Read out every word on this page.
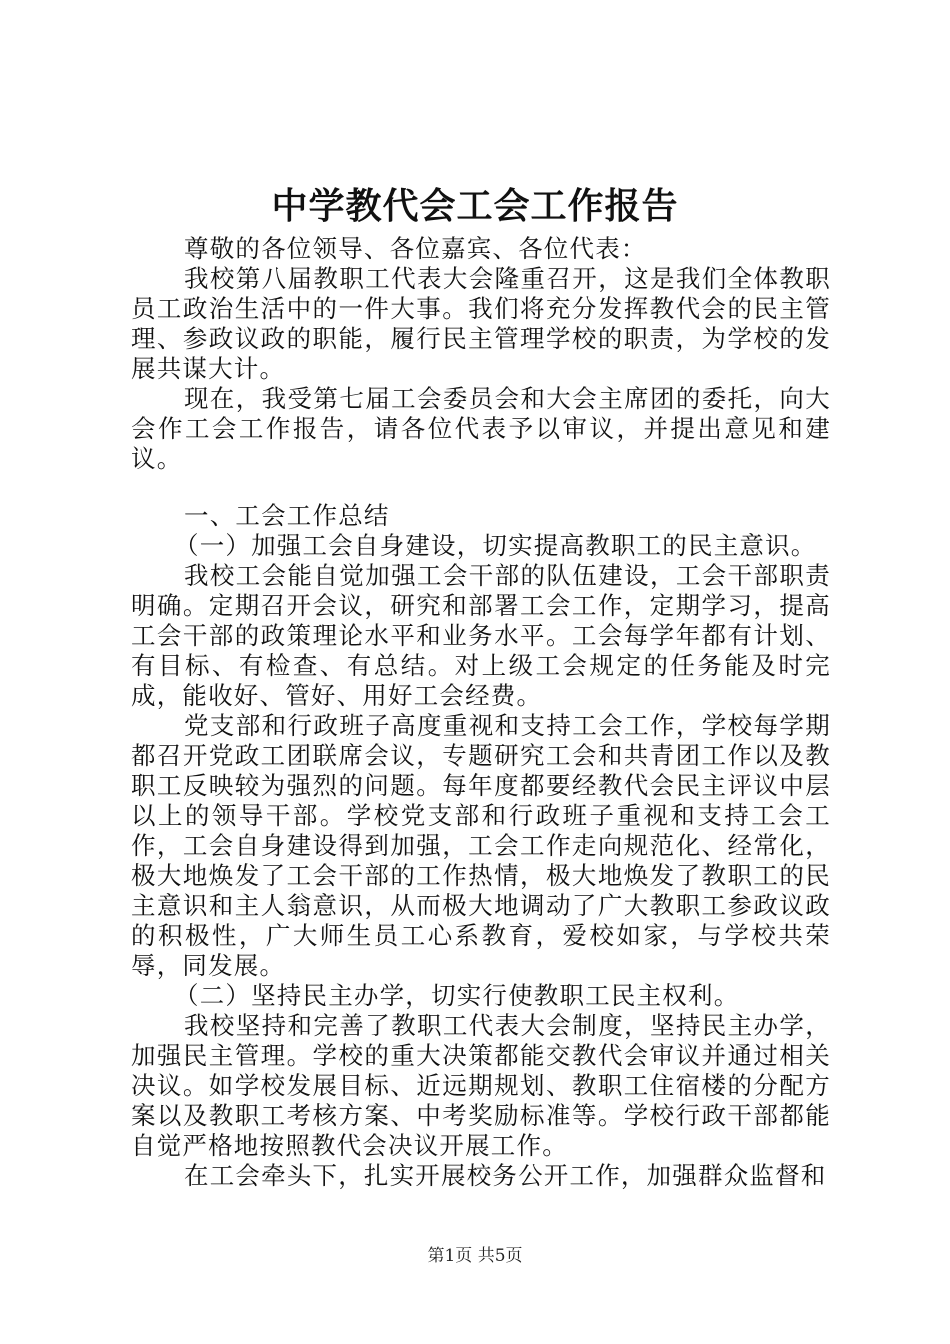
中学教代会工会工作报告

尊敬的各位领导、各位嘉宾、各位代表：

我校第八届教职工代表大会隆重召开，这是我们全体教职员工政治生活中的一件大事。我们将充分发挥教代会的民主管理、参政议政的职能，履行民主管理学校的职责，为学校的发展共谋大计。

现在，我受第七届工会委员会和大会主席团的委托，向大会作工会工作报告，请各位代表予以审议，并提出意见和建议。

一、工会工作总结

（一）加强工会自身建设，切实提高教职工的民主意识。

我校工会能自觉加强工会干部的队伍建设，工会干部职责明确。定期召开会议，研究和部署工会工作，定期学习，提高工会干部的政策理论水平和业务水平。工会每学年都有计划、有目标、有检查、有总结。对上级工会规定的任务能及时完成，能收好、管好、用好工会经费。

党支部和行政班子高度重视和支持工会工作，学校每学期都召开党政工团联席会议，专题研究工会和共青团工作以及教职工反映较为强烈的问题。每年度都要经教代会民主评议中层以上的领导干部。学校党支部和行政班子重视和支持工会工作，工会自身建设得到加强，工会工作走向规范化、经常化，极大地焕发了工会干部的工作热情，极大地焕发了教职工的民主意识和主人翁意识，从而极大地调动了广大教职工参政议政的积极性，广大师生员工心系教育，爱校如家，与学校共荣辱，同发展。

（二）坚持民主办学，切实行使教职工民主权利。

我校坚持和完善了教职工代表大会制度，坚持民主办学，加强民主管理。学校的重大决策都能交教代会审议并通过相关决议。如学校发展目标、近远期规划、教职工住宿楼的分配方案以及教职工考核方案、中考奖励标准等。学校行政干部都能自觉严格地按照教代会决议开展工作。

在工会牵头下，扎实开展校务公开工作，加强群众监督和

第1页 共5页
